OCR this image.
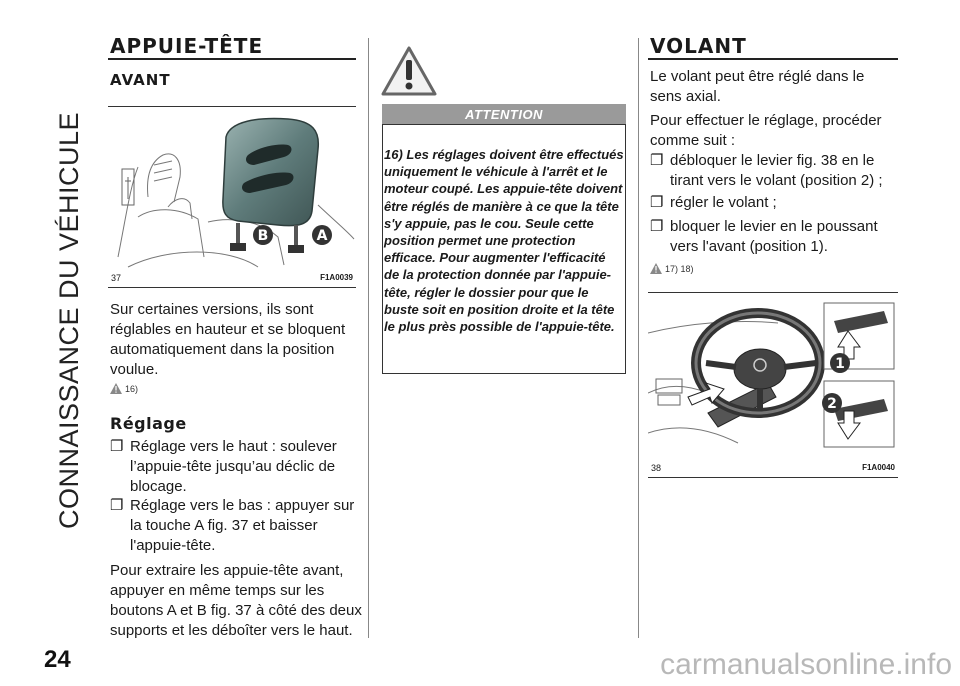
CONNAISSANCE DU VÉHICULE
24
APPUIE-TÊTE
AVANT
B	A
37	F1A0039
Sur certaines versions, ils sont réglables en hauteur et se bloquent automatiquement dans la position voulue.
16)
Réglage
❐ Réglage vers le haut : soulever l’appuie-tête jusqu’au déclic de blocage.
❐ Réglage vers le bas : appuyer sur la touche A fig. 37 et baisser l'appuie-tête.
Pour extraire les appuie-tête avant, appuyer en même temps sur les boutons A et B fig. 37 à côté des deux supports et les déboîter vers le haut.
ATTENTION
16) Les réglages doivent être effectués uniquement le véhicule à l'arrêt et le moteur coupé. Les appuie-tête doivent être réglés de manière à ce que la tête s'y appuie, pas le cou. Seule cette position permet une protection efficace. Pour augmenter l'efficacité de la protection donnée par l'appuie-tête, régler le dossier pour que le buste soit en position droite et la tête le plus près possible de l'appuie-tête.
VOLANT
Le volant peut être réglé dans le sens axial.
Pour effectuer le réglage, procéder comme suit :
❐ débloquer le levier fig. 38 en le tirant vers le volant (position 2) ;
❐ régler le volant ;
❐ bloquer le levier en le poussant vers l'avant (position 1).
17) 18)
1
2
38	F1A0040
carmanualsonline.info
